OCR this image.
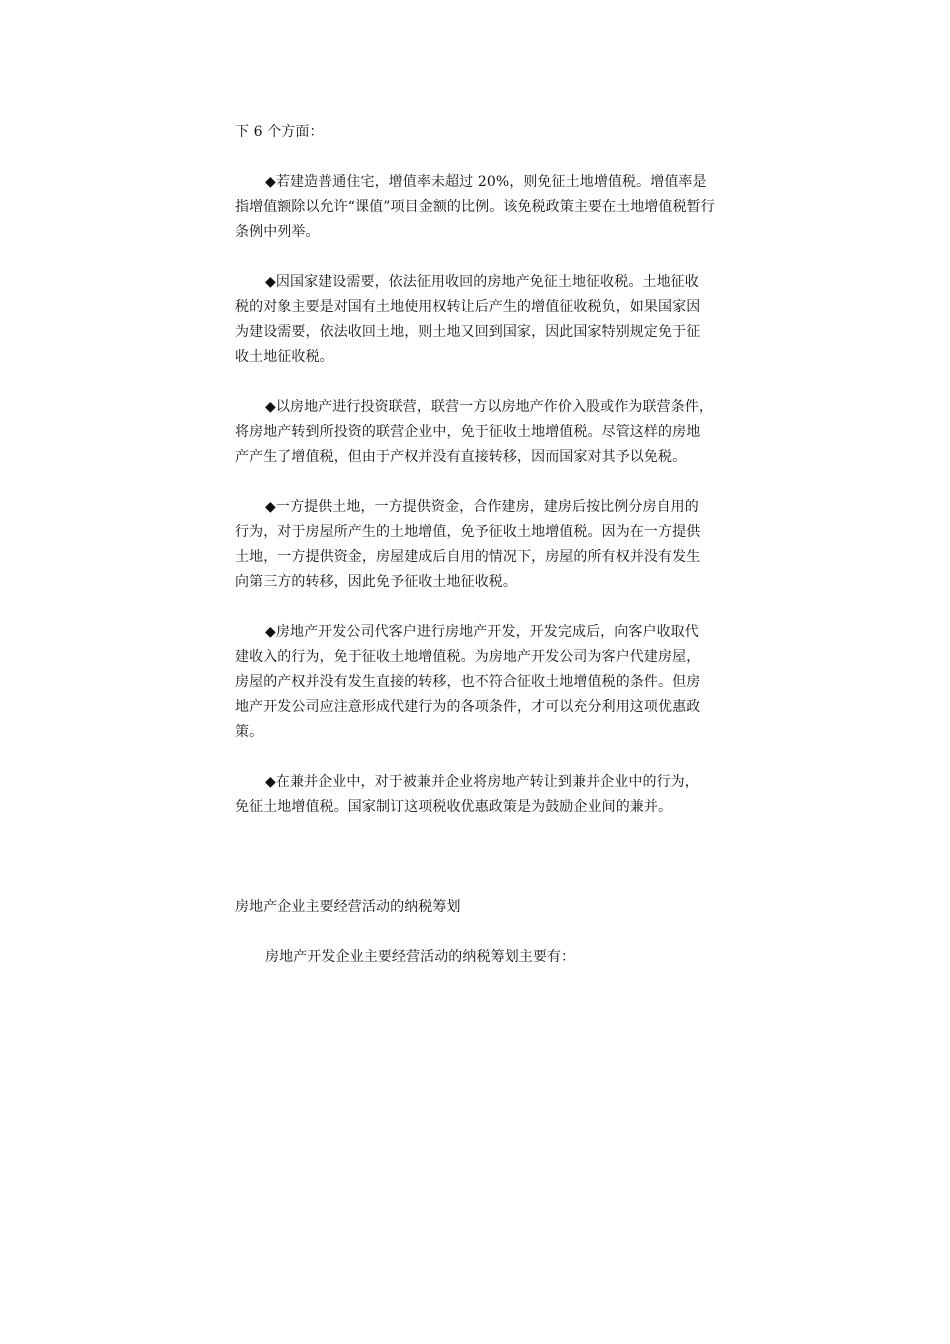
下 6 个方面：
◆若建造普通住宅，增值率未超过 20%，则免征土地增值税。增值率是
指增值额除以允许“课值”项目金额的比例。该免税政策主要在土地增值税暂行
条例中列举。
◆因国家建设需要，依法征用收回的房地产免征土地征收税。土地征收
税的对象主要是对国有土地使用权转让后产生的增值征收税负，如果国家因
为建设需要，依法收回土地，则土地又回到国家，因此国家特别规定免于征
收土地征收税。
◆以房地产进行投资联营，联营一方以房地产作价入股或作为联营条件，
将房地产转到所投资的联营企业中，免于征收土地增值税。尽管这样的房地
产产生了增值税，但由于产权并没有直接转移，因而国家对其予以免税。
◆一方提供土地，一方提供资金，合作建房，建房后按比例分房自用的
行为，对于房屋所产生的土地增值，免予征收土地增值税。因为在一方提供
土地，一方提供资金，房屋建成后自用的情况下，房屋的所有权并没有发生
向第三方的转移，因此免予征收土地征收税。
◆房地产开发公司代客户进行房地产开发，开发完成后，向客户收取代
建收入的行为，免于征收土地增值税。为房地产开发公司为客户代建房屋，
房屋的产权并没有发生直接的转移，也不符合征收土地增值税的条件。但房
地产开发公司应注意形成代建行为的各项条件，才可以充分利用这项优惠政
策。
◆在兼并企业中，对于被兼并企业将房地产转让到兼并企业中的行为，
免征土地增值税。国家制订这项税收优惠政策是为鼓励企业间的兼并。
房地产企业主要经营活动的纳税筹划
房地产开发企业主要经营活动的纳税筹划主要有：
